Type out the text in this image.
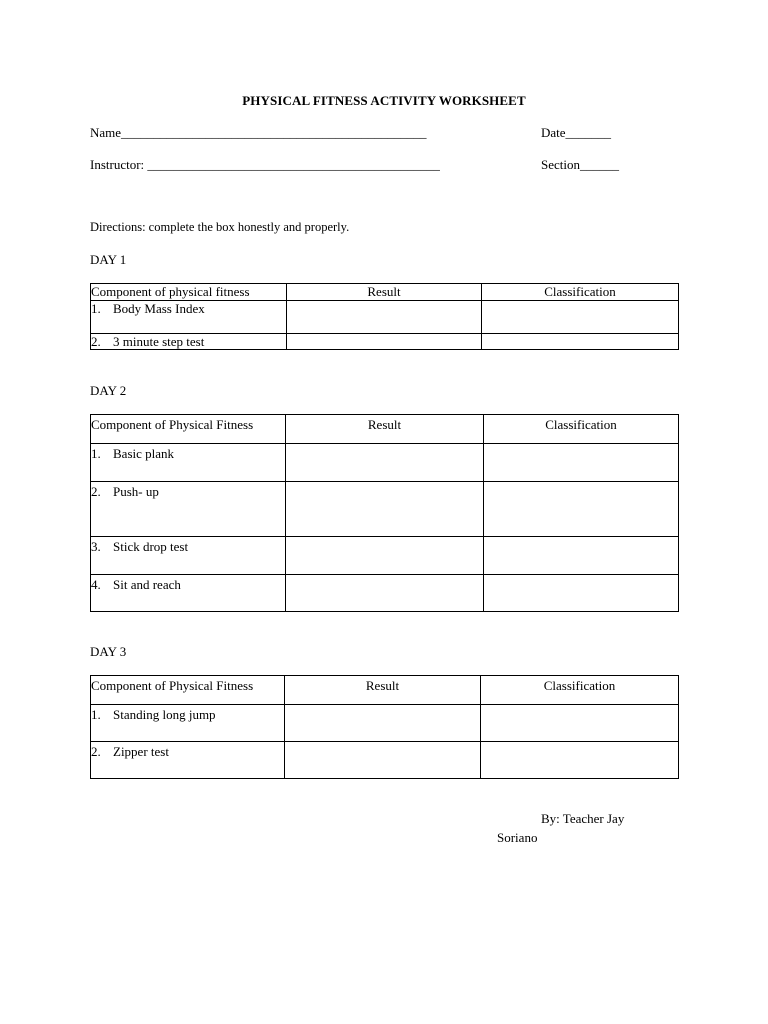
PHYSICAL FITNESS ACTIVITY WORKSHEET
Name_______________________________________________	Date_______
Instructor: _____________________________________________	Section______
Directions: complete the box honestly and properly.
DAY 1
Component of physical fitness	Result	Classification
1. Body Mass Index		
2. 3 minute step test		
DAY 2
Component of Physical Fitness	Result	Classification
1. Basic plank		
2. Push- up		
3. Stick drop test		
4. Sit and reach		
DAY 3
Component of Physical Fitness	Result	Classification
1. Standing long jump		
2. Zipper test		
By: Teacher Jay
Soriano
